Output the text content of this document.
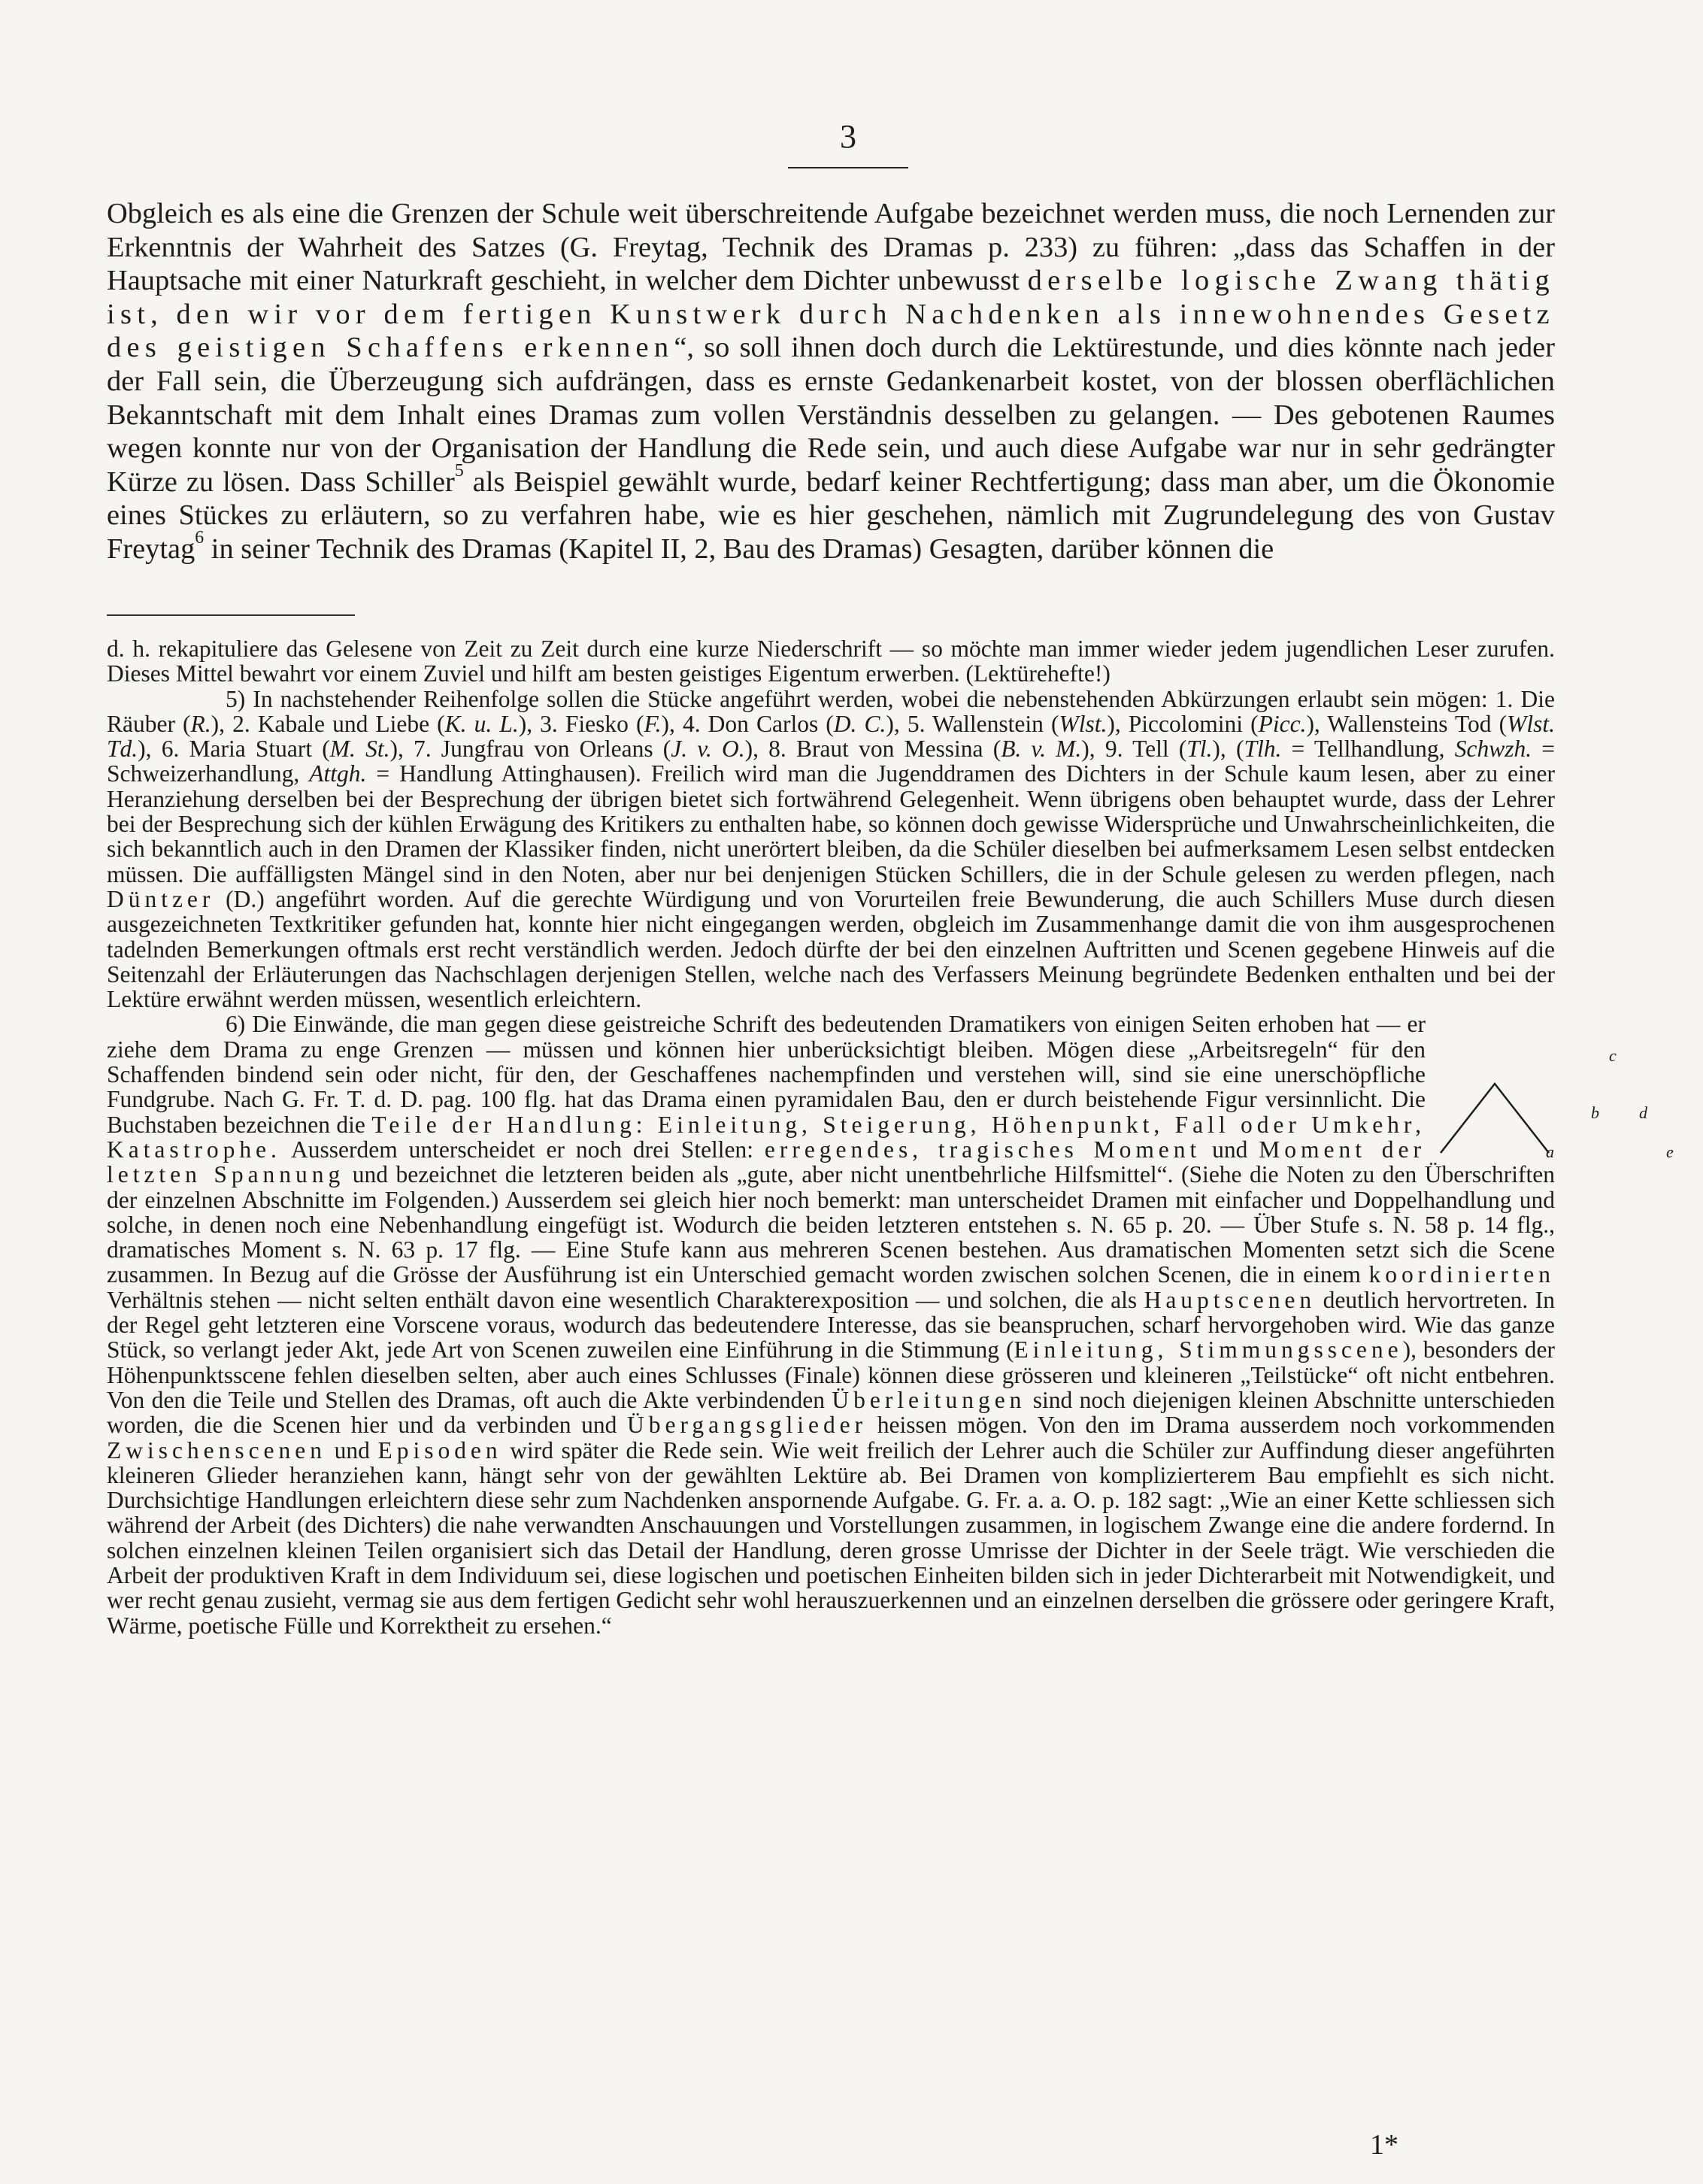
3

Obgleich es als eine die Grenzen der Schule weit überschreitende Aufgabe bezeichnet werden muss, die noch Lernenden zur Erkenntnis der Wahrheit des Satzes (G. Freytag, Technik des Dramas p. 233) zu führen: „dass das Schaffen in der Hauptsache mit einer Naturkraft geschieht, in welcher dem Dichter unbewusst derselbe logische Zwang thätig ist, den wir vor dem fertigen Kunstwerk durch Nachdenken als innewohnendes Gesetz des geistigen Schaffens erkennen“, so soll ihnen doch durch die Lektürestunde, und dies könnte nach jeder der Fall sein, die Überzeugung sich aufdrängen, dass es ernste Gedankenarbeit kostet, von der blossen oberflächlichen Bekanntschaft mit dem Inhalt eines Dramas zum vollen Verständnis desselben zu gelangen. — Des gebotenen Raumes wegen konnte nur von der Organisation der Handlung die Rede sein, und auch diese Aufgabe war nur in sehr gedrängter Kürze zu lösen. Dass Schiller$^5$ als Beispiel gewählt wurde, bedarf keiner Rechtfertigung; dass man aber, um die Ökonomie eines Stückes zu erläutern, so zu verfahren habe, wie es hier geschehen, nämlich mit Zugrundelegung des von Gustav Freytag$^6$ in seiner Technik des Dramas (Kapitel II, 2, Bau des Dramas) Gesagten, darüber können die

d. h. rekapituliere das Gelesene von Zeit zu Zeit durch eine kurze Niederschrift — so möchte man immer wieder jedem jugendlichen Leser zurufen. Dieses Mittel bewahrt vor einem Zuviel und hilft am besten geistiges Eigentum erwerben. (Lektürehefte!)

5) In nachstehender Reihenfolge sollen die Stücke angeführt werden, wobei die nebenstehenden Abkürzungen erlaubt sein mögen: 1. Die Räuber (R.), 2. Kabale und Liebe (K. u. L.), 3. Fiesko (F.), 4. Don Carlos (D. C.), 5. Wallenstein (Wlst.), Piccolomini (Picc.), Wallensteins Tod (Wlst. Td.), 6. Maria Stuart (M. St.), 7. Jungfrau von Orleans (J. v. O.), 8. Braut von Messina (B. v. M.), 9. Tell (Tl.), (Tlh. = Tellhandlung, Schwzh. = Schweizerhandlung, Attgh. = Handlung Attinghausen). Freilich wird man die Jugenddramen des Dichters in der Schule kaum lesen, aber zu einer Heranziehung derselben bei der Besprechung der übrigen bietet sich fortwährend Gelegenheit. Wenn übrigens oben behauptet wurde, dass der Lehrer bei der Besprechung sich der kühlen Erwägung des Kritikers zu enthalten habe, so können doch gewisse Widersprüche und Unwahrscheinlichkeiten, die sich bekanntlich auch in den Dramen der Klassiker finden, nicht unerörtert bleiben, da die Schüler dieselben bei aufmerksamem Lesen selbst entdecken müssen. Die auffälligsten Mängel sind in den Noten, aber nur bei denjenigen Stücken Schillers, die in der Schule gelesen zu werden pflegen, nach Düntzer (D.) angeführt worden. Auf die gerechte Würdigung und von Vorurteilen freie Bewunderung, die auch Schillers Muse durch diesen ausgezeichneten Textkritiker gefunden hat, konnte hier nicht eingegangen werden, obgleich im Zusammenhange damit die von ihm ausgesprochenen tadelnden Bemerkungen oftmals erst recht verständlich werden. Jedoch dürfte der bei den einzelnen Auftritten und Scenen gegebene Hinweis auf die Seitenzahl der Erläuterungen das Nachschlagen derjenigen Stellen, welche nach des Verfassers Meinung begründete Bedenken enthalten und bei der Lektüre erwähnt werden müssen, wesentlich erleichtern.

c
b	d
a	e
6) Die Einwände, die man gegen diese geistreiche Schrift des bedeutenden Dramatikers von einigen Seiten erhoben hat — er ziehe dem Drama zu enge Grenzen — müssen und können hier unberücksichtigt bleiben. Mögen diese „Arbeitsregeln“ für den Schaffenden bindend sein oder nicht, für den, der Geschaffenes nachempfinden und verstehen will, sind sie eine unerschöpfliche Fundgrube. Nach G. Fr. T. d. D. pag. 100 flg. hat das Drama einen pyramidalen Bau, den er durch beistehende Figur versinnlicht. Die Buchstaben bezeichnen die Teile der Handlung: Einleitung, Steigerung, Höhenpunkt, Fall oder Umkehr, Katastrophe. Ausserdem unterscheidet er noch drei Stellen: erregendes, tragisches Moment und Moment der letzten Spannung und bezeichnet die letzteren beiden als „gute, aber nicht unentbehrliche Hilfsmittel“. (Siehe die Noten zu den Überschriften der einzelnen Abschnitte im Folgenden.) Ausserdem sei gleich hier noch bemerkt: man unterscheidet Dramen mit einfacher und Doppelhandlung und solche, in denen noch eine Nebenhandlung eingefügt ist. Wodurch die beiden letzteren entstehen s. N. 65 p. 20. — Über Stufe s. N. 58 p. 14 flg., dramatisches Moment s. N. 63 p. 17 flg. — Eine Stufe kann aus mehreren Scenen bestehen. Aus dramatischen Momenten setzt sich die Scene zusammen. In Bezug auf die Grösse der Ausführung ist ein Unterschied gemacht worden zwischen solchen Scenen, die in einem koordinierten Verhältnis stehen — nicht selten enthält davon eine wesentlich Charakterexposition — und solchen, die als Hauptscenen deutlich hervortreten. In der Regel geht letzteren eine Vorscene voraus, wodurch das bedeutendere Interesse, das sie beanspruchen, scharf hervorgehoben wird. Wie das ganze Stück, so verlangt jeder Akt, jede Art von Scenen zuweilen eine Einführung in die Stimmung (Einleitung, Stimmungsscene), besonders der Höhenpunktsscene fehlen dieselben selten, aber auch eines Schlusses (Finale) können diese grösseren und kleineren „Teilstücke“ oft nicht entbehren. Von den die Teile und Stellen des Dramas, oft auch die Akte verbindenden Überleitungen sind noch diejenigen kleinen Abschnitte unterschieden worden, die die Scenen hier und da verbinden und Übergangsglieder heissen mögen. Von den im Drama ausserdem noch vorkommenden Zwischenscenen und Episoden wird später die Rede sein. Wie weit freilich der Lehrer auch die Schüler zur Auffindung dieser angeführten kleineren Glieder heranziehen kann, hängt sehr von der gewählten Lektüre ab. Bei Dramen von komplizierterem Bau empfiehlt es sich nicht. Durchsichtige Handlungen erleichtern diese sehr zum Nachdenken anspornende Aufgabe. G. Fr. a. a. O. p. 182 sagt: „Wie an einer Kette schliessen sich während der Arbeit (des Dichters) die nahe verwandten Anschauungen und Vorstellungen zusammen, in logischem Zwange eine die andere fordernd. In solchen einzelnen kleinen Teilen organisiert sich das Detail der Handlung, deren grosse Umrisse der Dichter in der Seele trägt. Wie verschieden die Arbeit der produktiven Kraft in dem Individuum sei, diese logischen und poetischen Einheiten bilden sich in jeder Dichterarbeit mit Notwendigkeit, und wer recht genau zusieht, vermag sie aus dem fertigen Gedicht sehr wohl herauszuerkennen und an einzelnen derselben die grössere oder geringere Kraft, Wärme, poetische Fülle und Korrektheit zu ersehen.“

1*
